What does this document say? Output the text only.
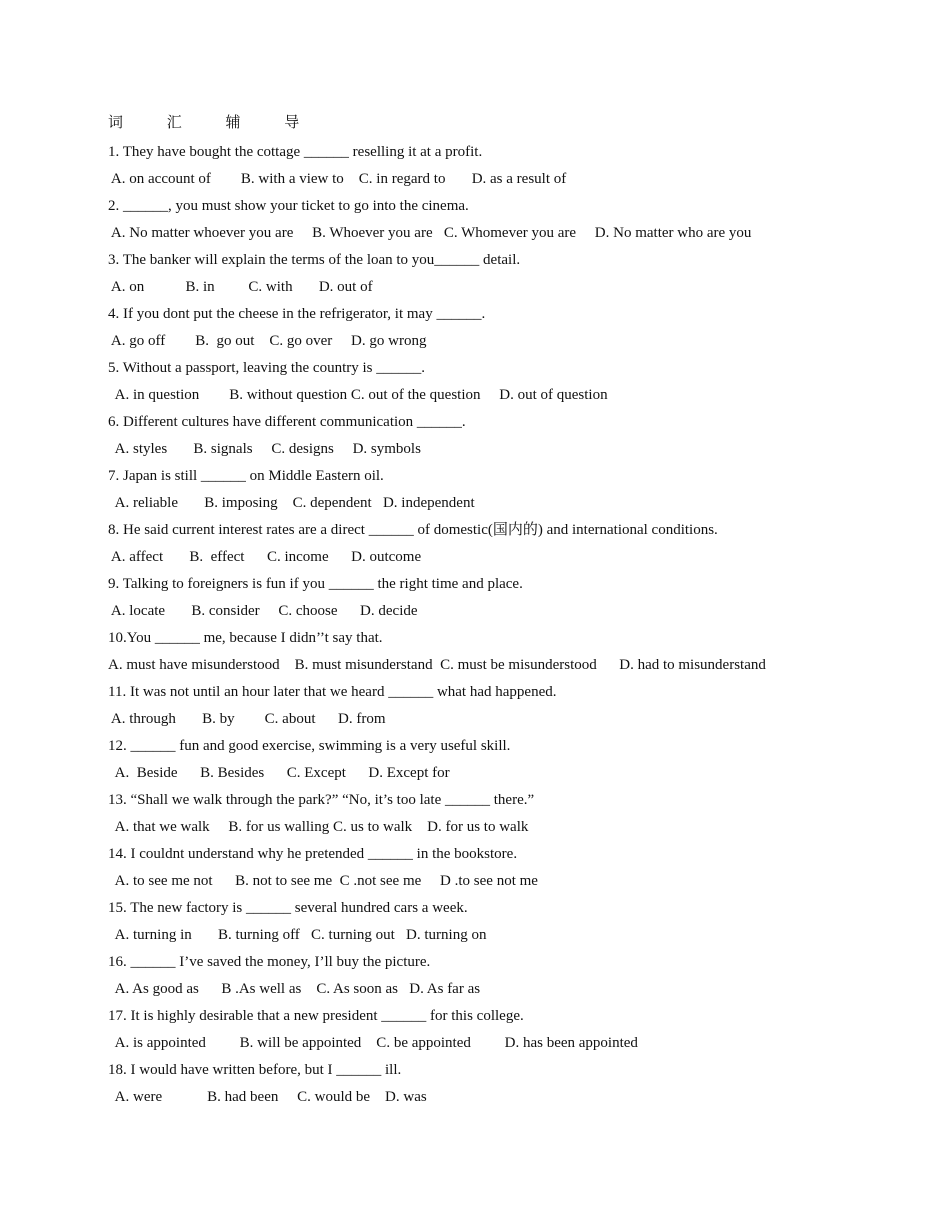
词 汇 辅 导
1. They have bought the cottage ______ reselling it at a profit.
A. on account of        B. with a view to    C. in regard to       D. as a result of
2. ______, you must show your ticket to go into the cinema.
A. No matter whoever you are     B. Whoever you are   C. Whomever you are     D. No matter who are you
3. The banker will explain the terms of the loan to you______ detail.
A. on           B. in         C. with       D. out of
4. If you dont put the cheese in the refrigerator, it may ______.
A. go off        B.  go out    C. go over     D. go wrong
5. Without a passport, leaving the country is ______.
A. in question        B. without question C. out of the question     D. out of question
6. Different cultures have different communication ______.
A. styles       B. signals     C. designs     D. symbols
7. Japan is still ______ on Middle Eastern oil.
A. reliable       B. imposing    C. dependent   D. independent
8. He said current interest rates are a direct ______ of domestic(国内的) and international conditions.
A. affect       B.  effect      C. income      D. outcome
9. Talking to foreigners is fun if you ______ the right time and place.
A. locate       B. consider     C. choose      D. decide
10.You ______ me, because I didn’’t say that.
A. must have misunderstood    B. must misunderstand  C. must be misunderstood      D. had to misunderstand
11. It was not until an hour later that we heard ______ what had happened.
A. through       B. by        C. about      D. from
12. ______ fun and good exercise, swimming is a very useful skill.
A.  Beside      B. Besides      C. Except      D. Except for
13. “Shall we walk through the park?” “No, it’s too late ______ there.”
A. that we walk     B. for us walling C. us to walk    D. for us to walk
14. I couldnt understand why he pretended ______ in the bookstore.
A. to see me not      B. not to see me  C .not see me     D .to see not me
15. The new factory is ______ several hundred cars a week.
A. turning in       B. turning off   C. turning out   D. turning on
16. ______ I’ve saved the money, I’ll buy the picture.
A. As good as      B .As well as    C. As soon as   D. As far as
17. It is highly desirable that a new president ______ for this college.
A. is appointed         B. will be appointed    C. be appointed         D. has been appointed
18. I would have written before, but I ______ ill.
A. were            B. had been     C. would be    D. was
